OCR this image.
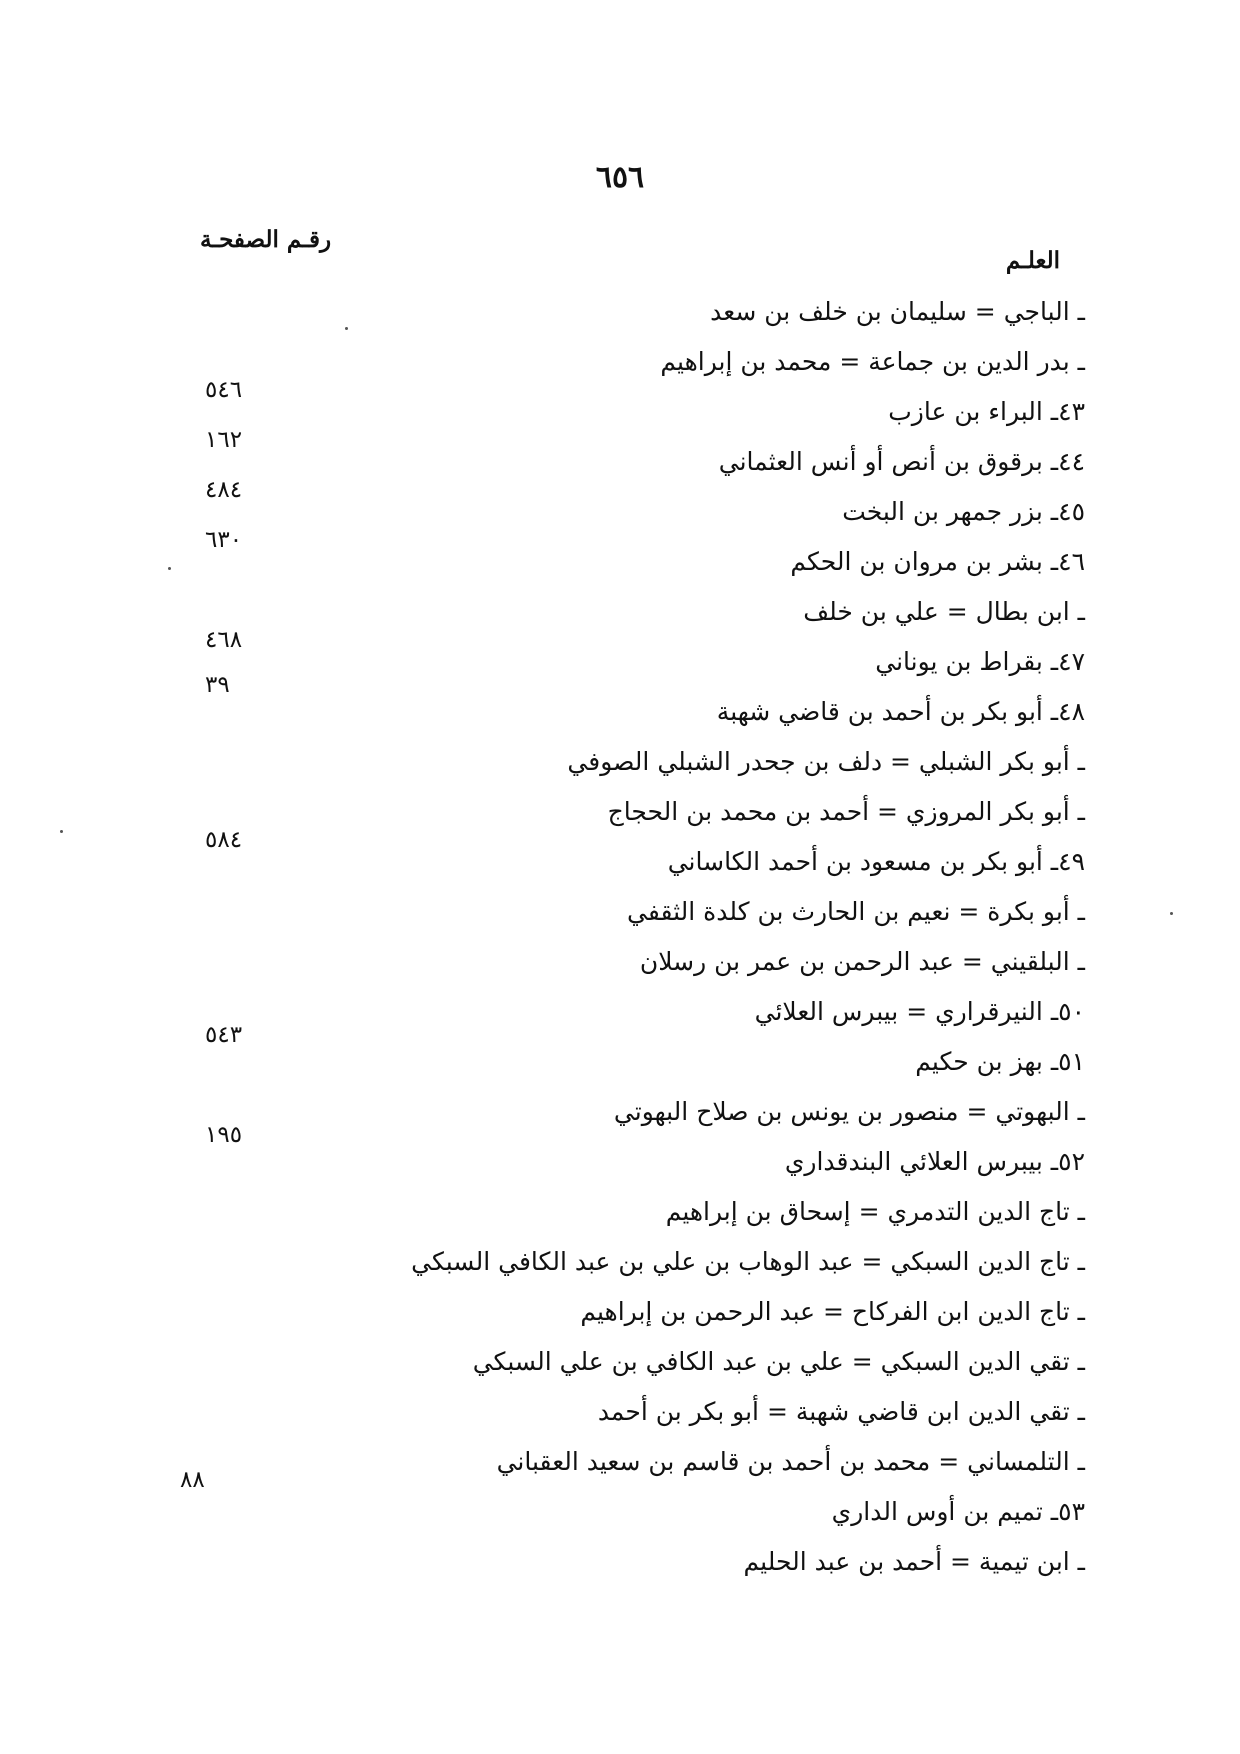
٦٥٦
رقـم الصفحـة
العلـم
ـ الباجي = سليمان بن خلف بن سعد
ـ بدر الدين بن جماعة = محمد بن إبراهيم
٤٣ـ البراء بن عازب
٤٤ـ برقوق بن أنص أو أنس العثماني
٤٥ـ بزر جمهر بن البخت
٤٦ـ بشر بن مروان بن الحكم
ـ ابن بطال = علي بن خلف
٤٧ـ بقراط بن يوناني
٤٨ـ أبو بكر بن أحمد بن قاضي شهبة
ـ أبو بكر الشبلي = دلف بن جحدر الشبلي الصوفي
ـ أبو بكر المروزي = أحمد بن محمد بن الحجاج
٤٩ـ أبو بكر بن مسعود بن أحمد الكاساني
ـ أبو بكرة = نعيم بن الحارث بن كلدة الثقفي
ـ البلقيني = عبد الرحمن بن عمر بن رسلان
٥٠ـ النيرقراري = بيبرس العلائي
٥١ـ بهز بن حكيم
ـ البهوتي = منصور بن يونس بن صلاح البهوتي
٥٢ـ بيبرس العلائي البندقداري
ـ تاج الدين التدمري = إسحاق بن إبراهيم
ـ تاج الدين السبكي = عبد الوهاب بن علي بن عبد الكافي السبكي
ـ تاج الدين ابن الفركاح = عبد الرحمن بن إبراهيم
ـ تقي الدين السبكي = علي بن عبد الكافي بن علي السبكي
ـ تقي الدين ابن قاضي شهبة = أبو بكر بن أحمد
ـ التلمساني = محمد بن أحمد بن قاسم بن سعيد العقباني
٥٣ـ تميم بن أوس الداري
ـ ابن تيمية = أحمد بن عبد الحليم
٥٤٦
١٦٢
٤٨٤
٦٣٠
٤٦٨
٣٩
٥٨٤
٥٤٣
١٩٥
٨٨
